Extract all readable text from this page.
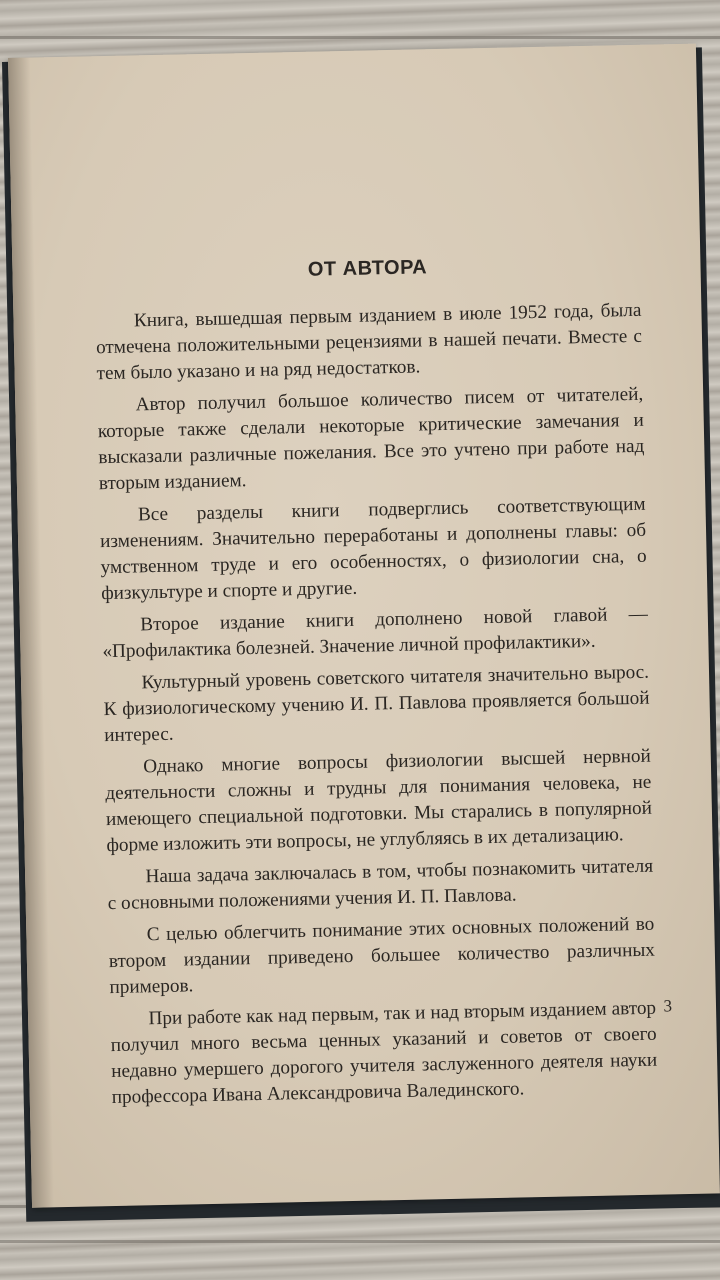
ОТ АВТОРА

Книга, вышедшая первым изданием в июле 1952 года, была отмечена положительными рецензиями в нашей печати. Вместе с тем было указано и на ряд недостатков.

Автор получил большое количество писем от читателей, которые также сделали некоторые критические замечания и высказали различные пожелания. Все это учтено при работе над вторым изданием.

Все разделы книги подверглись соответствующим изменениям. Значительно переработаны и дополнены главы: об умственном труде и его особенностях, о физиологии сна, о физкультуре и спорте и другие.

Второе издание книги дополнено новой главой — «Профилактика болезней. Значение личной профилактики».

Культурный уровень советского читателя значительно вырос. К физиологическому учению И. П. Павлова проявляется большой интерес.

Однако многие вопросы физиологии высшей нервной деятельности сложны и трудны для понимания человека, не имеющего специальной подготовки. Мы старались в популярной форме изложить эти вопросы, не углубляясь в их детализацию.

Наша задача заключалась в том, чтобы познакомить читателя с основными положениями учения И. П. Павлова.

С целью облегчить понимание этих основных положений во втором издании приведено большее количество различных примеров.

При работе как над первым, так и над вторым изданием автор получил много весьма ценных указаний и советов от своего недавно умершего дорогого учителя заслуженного деятеля науки профессора Ивана Александровича Валединского.

3
